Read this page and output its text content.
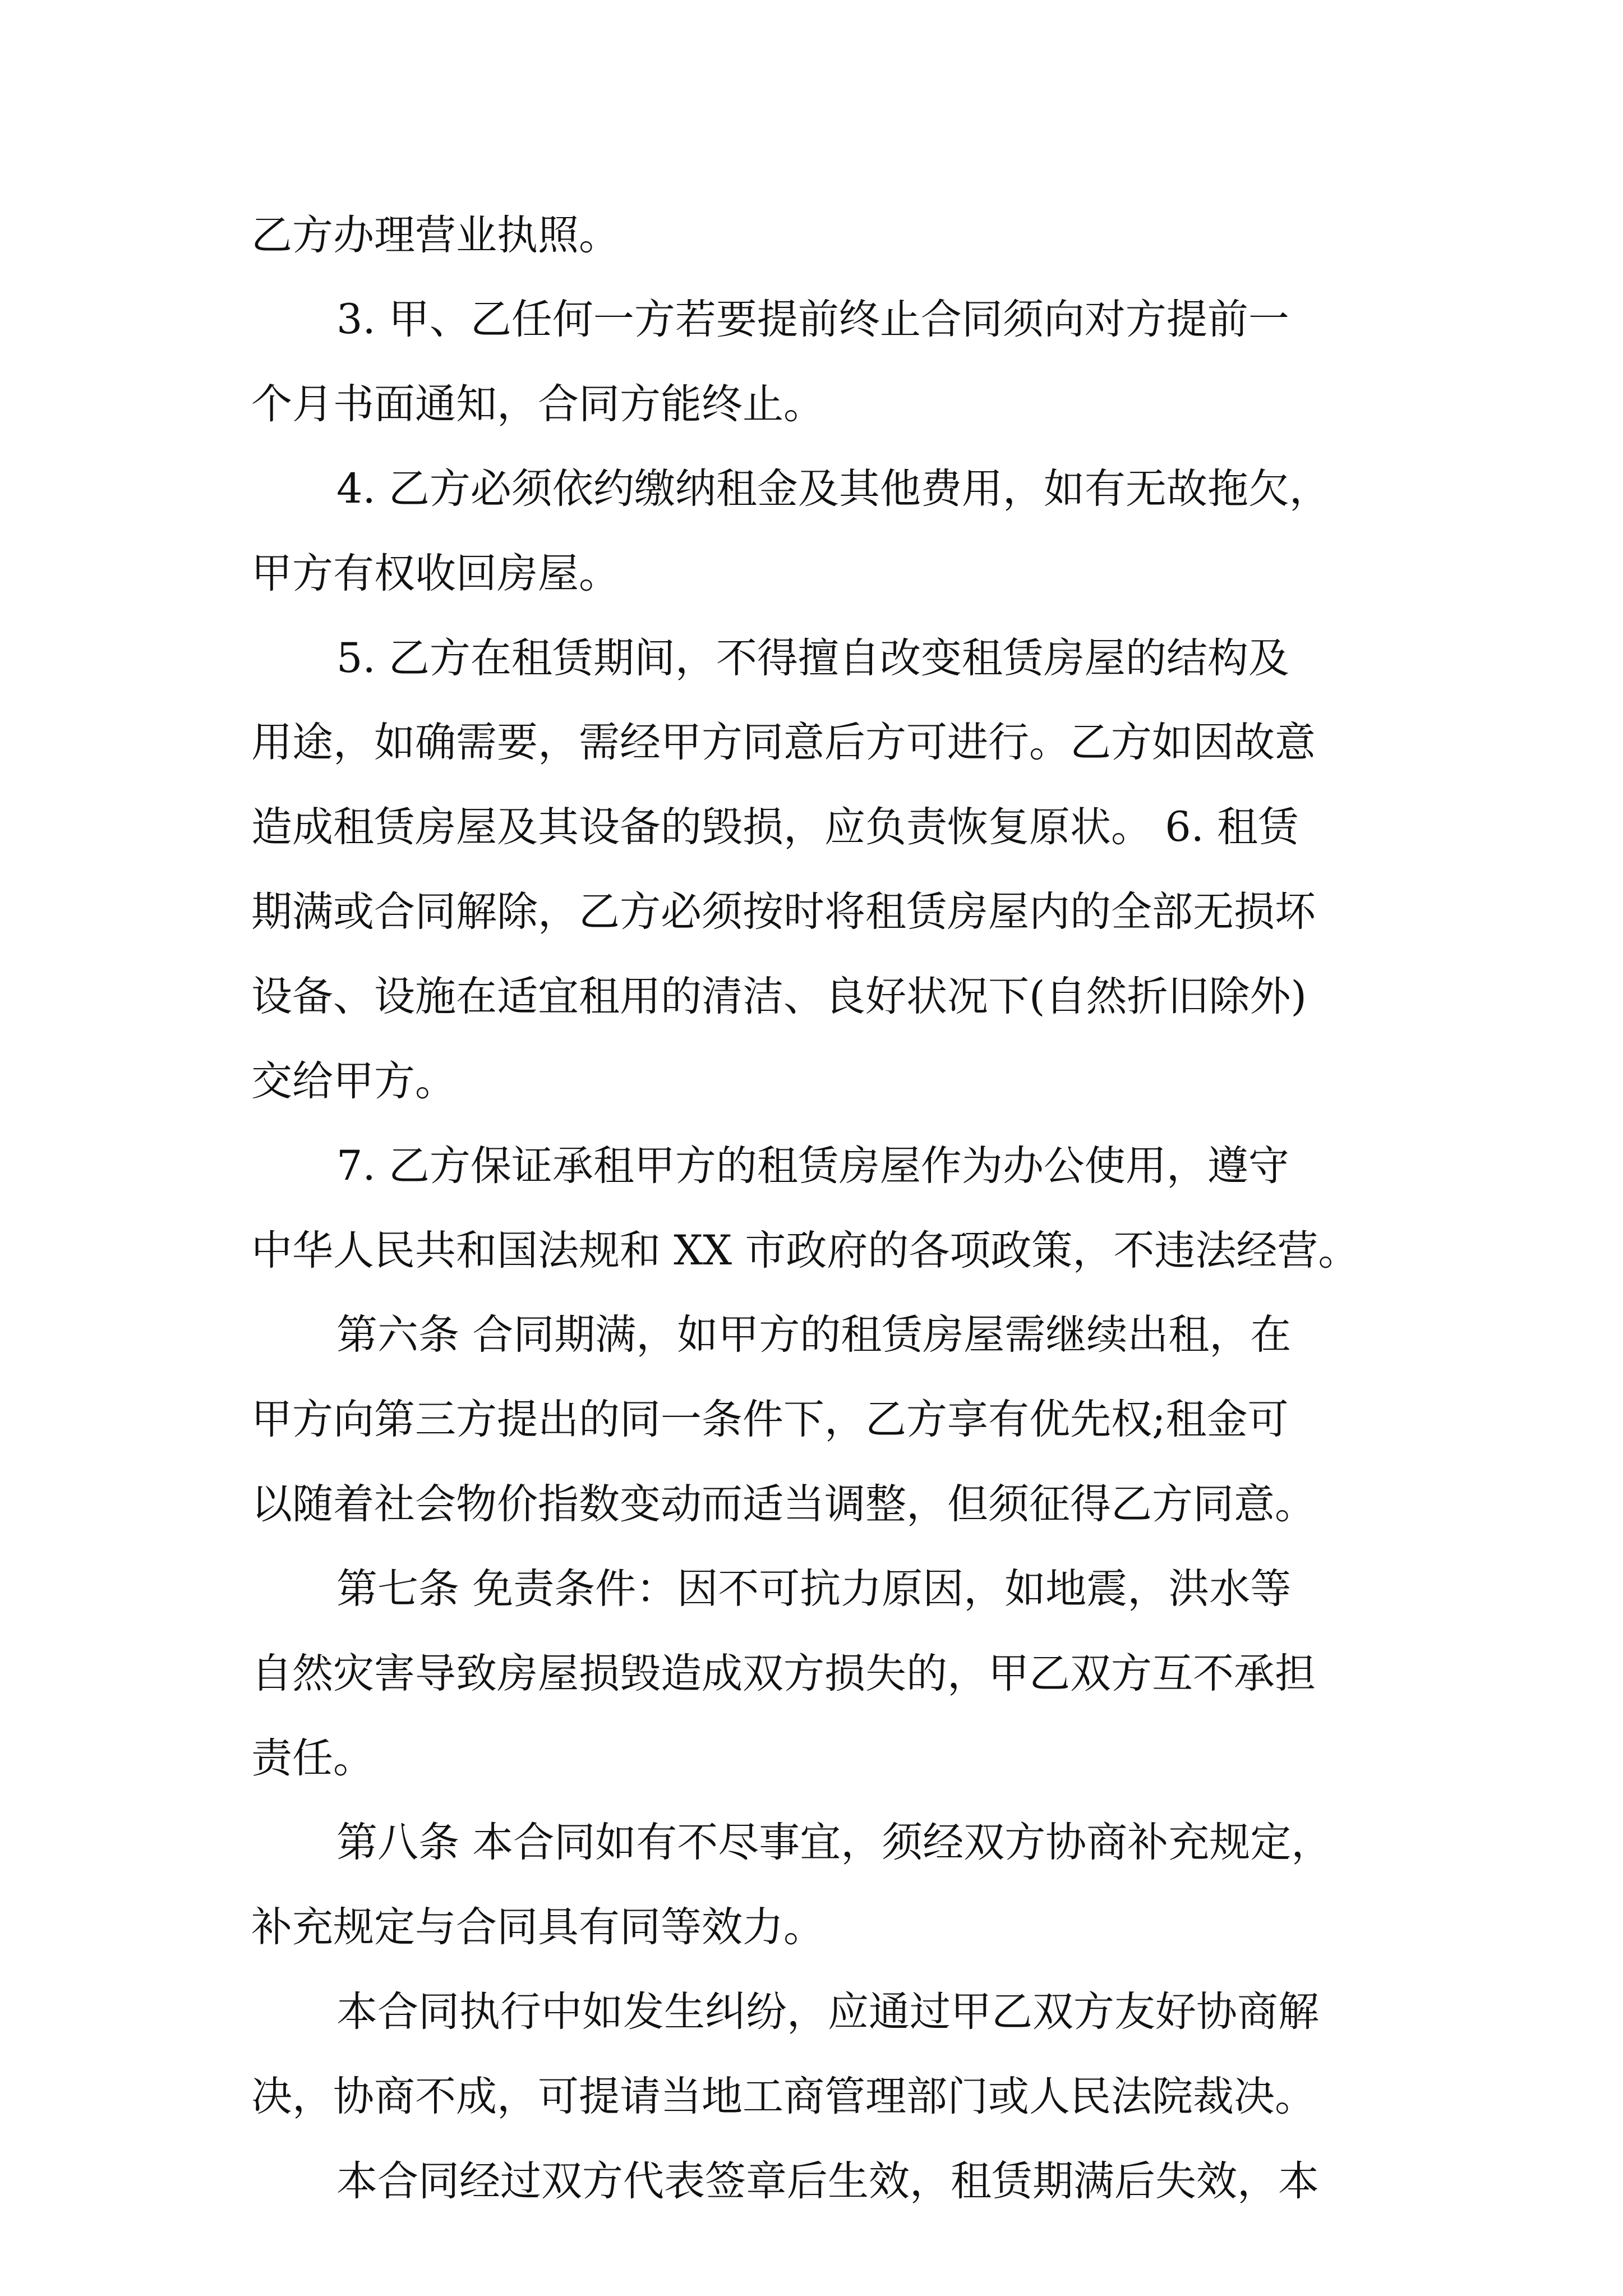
乙方办理营业执照。
3. 甲、乙任何一方若要提前终止合同须向对方提前一
个月书面通知，合同方能终止。
4. 乙方必须依约缴纳租金及其他费用，如有无故拖欠，
甲方有权收回房屋。
5. 乙方在租赁期间，不得擅自改变租赁房屋的结构及
用途，如确需要，需经甲方同意后方可进行。乙方如因故意
造成租赁房屋及其设备的毁损，应负责恢复原状。 6. 租赁
期满或合同解除，乙方必须按时将租赁房屋内的全部无损坏
设备、设施在适宜租用的清洁、良好状况下(自然折旧除外)
交给甲方。
7. 乙方保证承租甲方的租赁房屋作为办公使用，遵守
中华人民共和国法规和 XX 市政府的各项政策，不违法经营。
第六条 合同期满，如甲方的租赁房屋需继续出租，在
甲方向第三方提出的同一条件下，乙方享有优先权;租金可
以随着社会物价指数变动而适当调整，但须征得乙方同意。
第七条 免责条件：因不可抗力原因，如地震，洪水等
自然灾害导致房屋损毁造成双方损失的，甲乙双方互不承担
责任。
第八条 本合同如有不尽事宜，须经双方协商补充规定，
补充规定与合同具有同等效力。
本合同执行中如发生纠纷，应通过甲乙双方友好协商解
决，协商不成，可提请当地工商管理部门或人民法院裁决。
本合同经过双方代表签章后生效，租赁期满后失效，本
